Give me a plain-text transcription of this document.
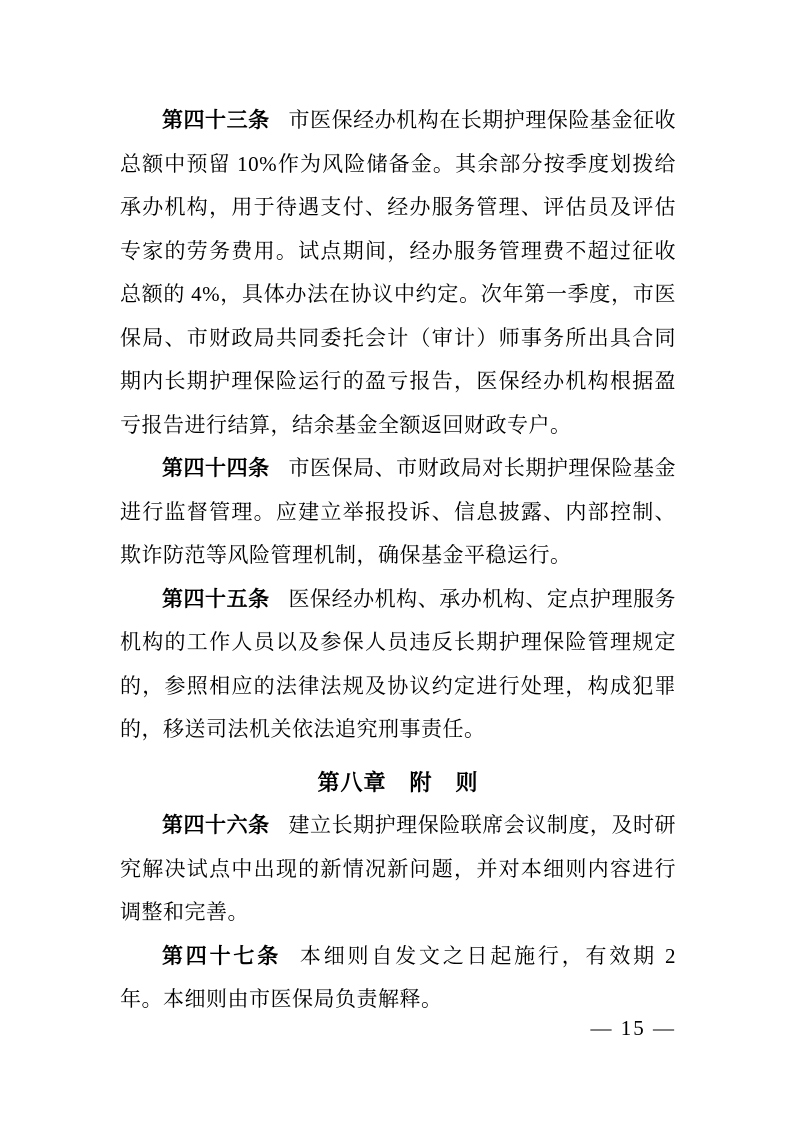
第四十三条 市医保经办机构在长期护理保险基金征收总额中预留 10%作为风险储备金。其余部分按季度划拨给承办机构，用于待遇支付、经办服务管理、评估员及评估专家的劳务费用。试点期间，经办服务管理费不超过征收总额的 4%，具体办法在协议中约定。次年第一季度，市医保局、市财政局共同委托会计（审计）师事务所出具合同期内长期护理保险运行的盈亏报告，医保经办机构根据盈亏报告进行结算，结余基金全额返回财政专户。

第四十四条 市医保局、市财政局对长期护理保险基金进行监督管理。应建立举报投诉、信息披露、内部控制、欺诈防范等风险管理机制，确保基金平稳运行。

第四十五条 医保经办机构、承办机构、定点护理服务机构的工作人员以及参保人员违反长期护理保险管理规定的，参照相应的法律法规及协议约定进行处理，构成犯罪的，移送司法机关依法追究刑事责任。

第八章　附　则

第四十六条 建立长期护理保险联席会议制度，及时研究解决试点中出现的新情况新问题，并对本细则内容进行调整和完善。

第四十七条 本细则自发文之日起施行，有效期 2 年。本细则由市医保局负责解释。

— 15 —
